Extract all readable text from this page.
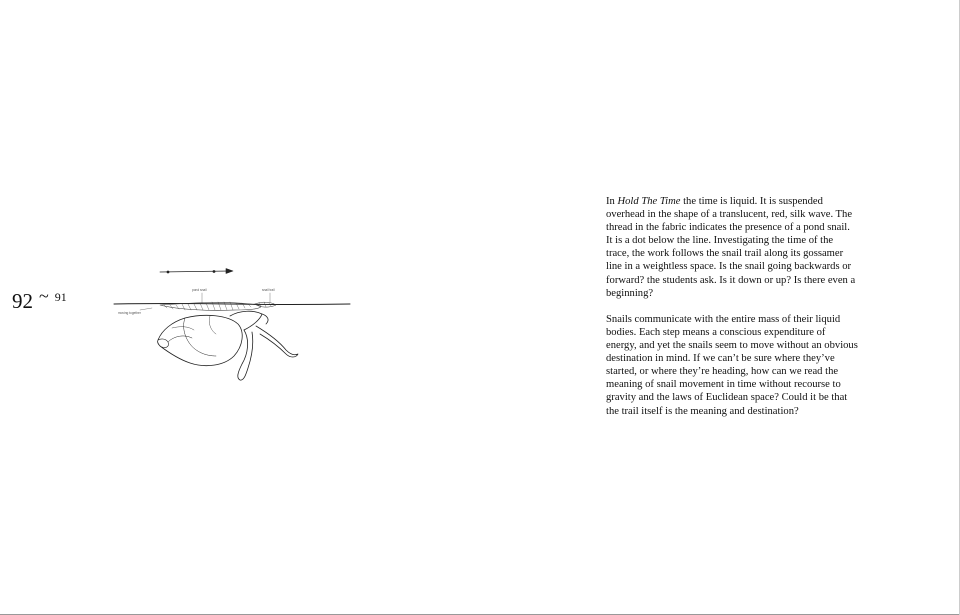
92 ~ 91	pond snail	snail trail
moving together

In Hold The Time the time is liquid. It is suspended overhead in the shape of a translucent, red, silk wave. The thread in the fabric indicates the presence of a pond snail. It is a dot below the line. Investigating the time of the trace, the work follows the snail trail along its gossamer line in a weightless space. Is the snail going backwards or forward? the students ask. Is it down or up? Is there even a beginning?

Snails communicate with the entire mass of their liquid bodies. Each step means a conscious expenditure of energy, and yet the snails seem to move without an obvious destination in mind. If we can’t be sure where they’ve started, or where they’re heading, how can we read the meaning of snail movement in time without recourse to gravity and the laws of Euclidean space? Could it be that the trail itself is the meaning and destination?
